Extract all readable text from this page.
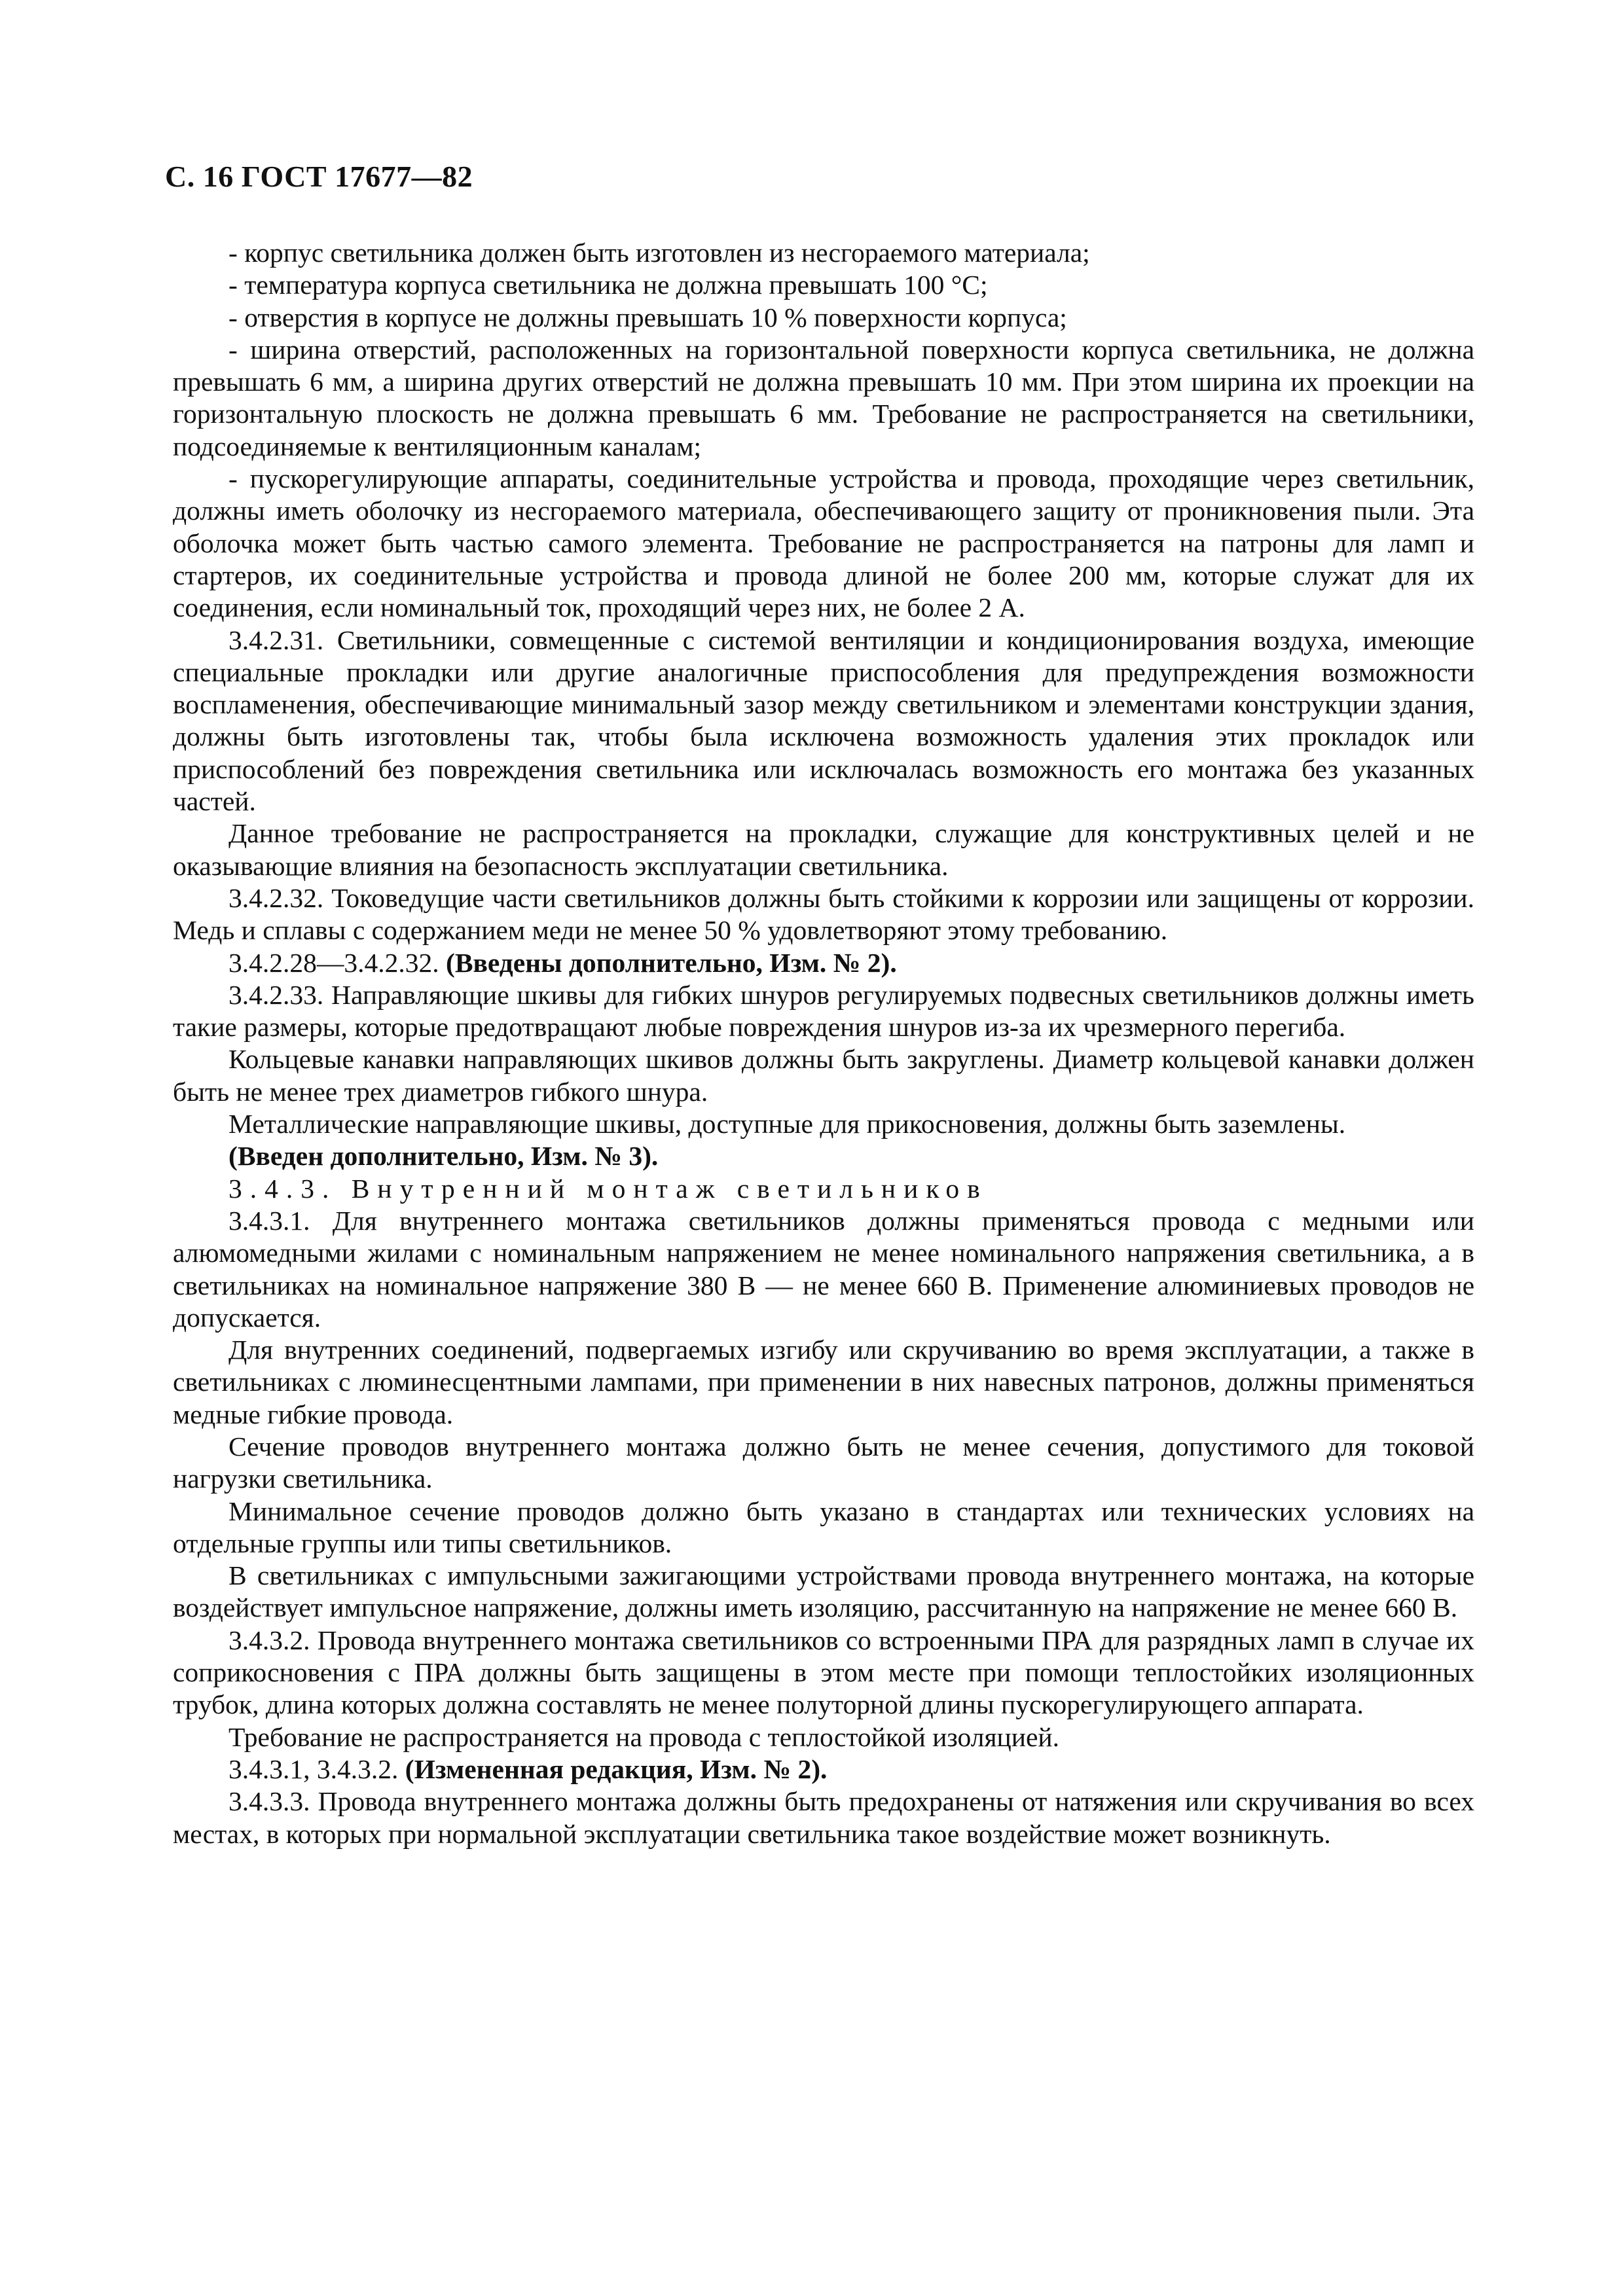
С. 16 ГОСТ 17677—82

- корпус светильника должен быть изготовлен из несгораемого материала;

- температура корпуса светильника не должна превышать 100 °С;

- отверстия в корпусе не должны превышать 10 % поверхности корпуса;

- ширина отверстий, расположенных на горизонтальной поверхности корпуса светильника, не должна превышать 6 мм, а ширина других отверстий не должна превышать 10 мм. При этом ширина их проекции на горизонтальную плоскость не должна превышать 6 мм. Требование не распространяется на светильники, подсоединяемые к вентиляционным каналам;

- пускорегулирующие аппараты, соединительные устройства и провода, проходящие через светильник, должны иметь оболочку из несгораемого материала, обеспечивающего защиту от проникновения пыли. Эта оболочка может быть частью самого элемента. Требование не распространяется на патроны для ламп и стартеров, их соединительные устройства и провода длиной не более 200 мм, которые служат для их соединения, если номинальный ток, проходящий через них, не более 2 А.

3.4.2.31. Светильники, совмещенные с системой вентиляции и кондиционирования воздуха, имеющие специальные прокладки или другие аналогичные приспособления для предупреждения возможности воспламенения, обеспечивающие минимальный зазор между светильником и элементами конструкции здания, должны быть изготовлены так, чтобы была исключена возможность удаления этих прокладок или приспособлений без повреждения светильника или исключалась возможность его монтажа без указанных частей.

Данное требование не распространяется на прокладки, служащие для конструктивных целей и не оказывающие влияния на безопасность эксплуатации светильника.

3.4.2.32. Токоведущие части светильников должны быть стойкими к коррозии или защищены от коррозии. Медь и сплавы с содержанием меди не менее 50 % удовлетворяют этому требованию.

3.4.2.28—3.4.2.32. (Введены дополнительно, Изм. № 2).

3.4.2.33. Направляющие шкивы для гибких шнуров регулируемых подвесных светильников должны иметь такие размеры, которые предотвращают любые повреждения шнуров из-за их чрезмерного перегиба.

Кольцевые канавки направляющих шкивов должны быть закруглены. Диаметр кольцевой канавки должен быть не менее трех диаметров гибкого шнура.

Металлические направляющие шкивы, доступные для прикосновения, должны быть заземлены.

(Введен дополнительно, Изм. № 3).

3.4.3. Внутренний монтаж светильников

3.4.3.1. Для внутреннего монтажа светильников должны применяться провода с медными или алюмомедными жилами с номинальным напряжением не менее номинального напряжения светильника, а в светильниках на номинальное напряжение 380 В — не менее 660 В. Применение алюминиевых проводов не допускается.

Для внутренних соединений, подвергаемых изгибу или скручиванию во время эксплуатации, а также в светильниках с люминесцентными лампами, при применении в них навесных патронов, должны применяться медные гибкие провода.

Сечение проводов внутреннего монтажа должно быть не менее сечения, допустимого для токовой нагрузки светильника.

Минимальное сечение проводов должно быть указано в стандартах или технических условиях на отдельные группы или типы светильников.

В светильниках с импульсными зажигающими устройствами провода внутреннего монтажа, на которые воздействует импульсное напряжение, должны иметь изоляцию, рассчитанную на напряжение не менее 660 В.

3.4.3.2. Провода внутреннего монтажа светильников со встроенными ПРА для разрядных ламп в случае их соприкосновения с ПРА должны быть защищены в этом месте при помощи теплостойких изоляционных трубок, длина которых должна составлять не менее полуторной длины пускорегулирующего аппарата.

Требование не распространяется на провода с теплостойкой изоляцией.

3.4.3.1, 3.4.3.2. (Измененная редакция, Изм. № 2).

3.4.3.3. Провода внутреннего монтажа должны быть предохранены от натяжения или скручивания во всех местах, в которых при нормальной эксплуатации светильника такое воздействие может возникнуть.
